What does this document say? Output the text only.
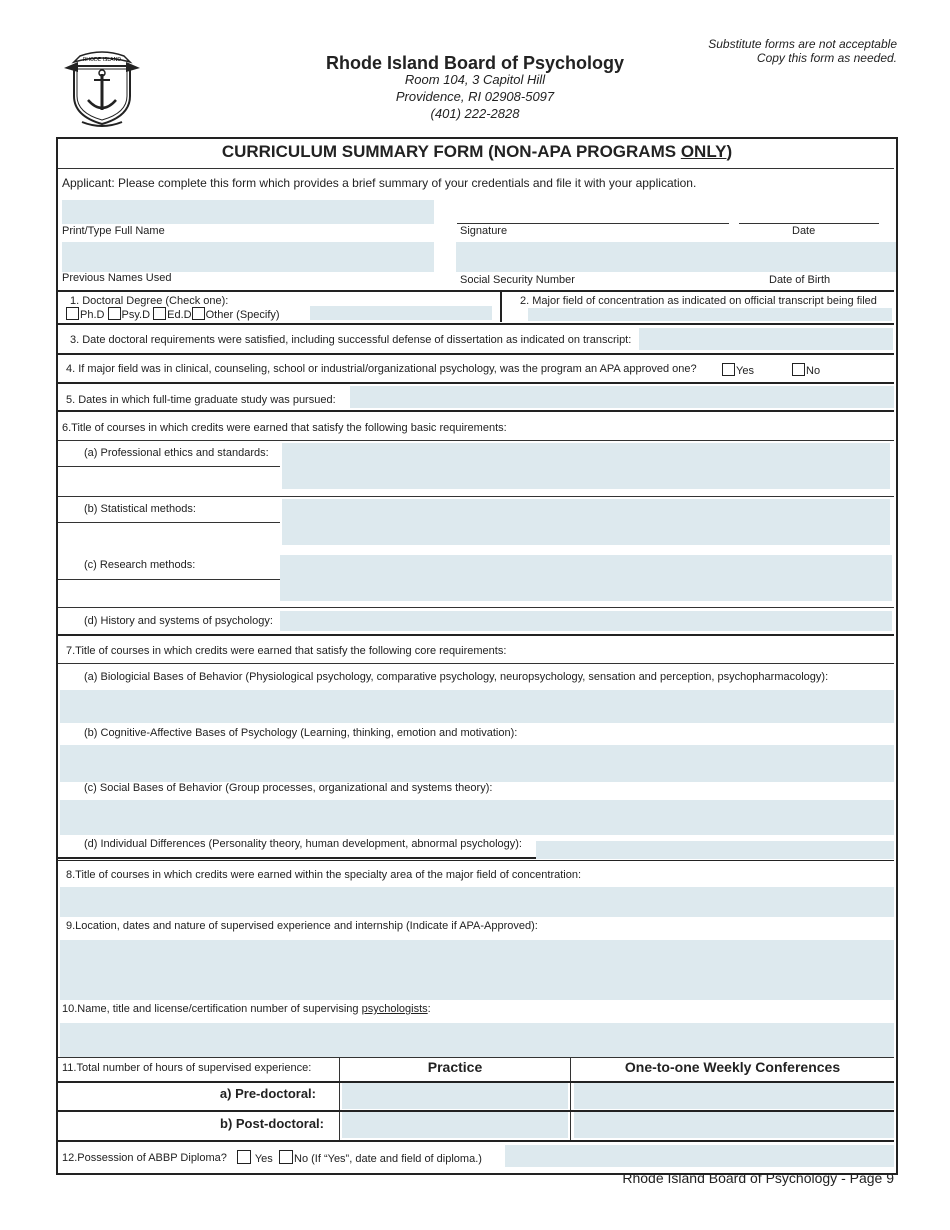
RHODE ISLAND	Rhode Island Board of Psychology
Room 104, 3 Capitol Hill
Providence, RI 02908-5097
(401) 222-2828
Substitute forms are not acceptable
Copy this form as needed.
CURRICULUM SUMMARY FORM (NON-APA PROGRAMS ONLY)
Applicant: Please complete this form which provides a brief summary of your credentials and file it with your application.
Print/Type Full Name	Signature	Date
Previous Names Used	Social Security Number	Date of Birth
1. Doctoral Degree (Check one):
Ph.D Psy.D Ed.D Other (Specify)
2. Major field of concentration as indicated on official transcript being filed
3. Date doctoral requirements were satisfied, including successful defense of dissertation as indicated on transcript:
4. If major field was in clinical, counseling, school or industrial/organizational psychology, was the program an APA approved one?	Yes	No
5. Dates in which full-time graduate study was pursued:
6.Title of courses in which credits were earned that satisfy the following basic requirements:
(a) Professional ethics and standards:
(b) Statistical methods:
(c) Research methods:
(d) History and systems of psychology:
7.Title of courses in which credits were earned that satisfy the following core requirements:
(a) Biologicial Bases of Behavior (Physiological psychology, comparative psychology, neuropsychology, sensation and perception, psychopharmacology):
(b) Cognitive-Affective Bases of Psychology (Learning, thinking, emotion and motivation):
(c) Social Bases of Behavior (Group processes, organizational and systems theory):
(d) Individual Differences (Personality theory, human development, abnormal psychology):
8.Title of courses in which credits were earned within the specialty area of the major field of concentration:
9.Location, dates and nature of supervised experience and internship (Indicate if APA-Approved):
10.Name, title and license/certification number of supervising psychologists:
11.Total number of hours of supervised experience:	Practice	One-to-one Weekly Conferences
a) Pre-doctoral:
b) Post-doctoral:
12.Possession of ABBP Diploma?	Yes	No (If “Yes”, date and field of diploma.)
Rhode Island Board of Psychology - Page 9
